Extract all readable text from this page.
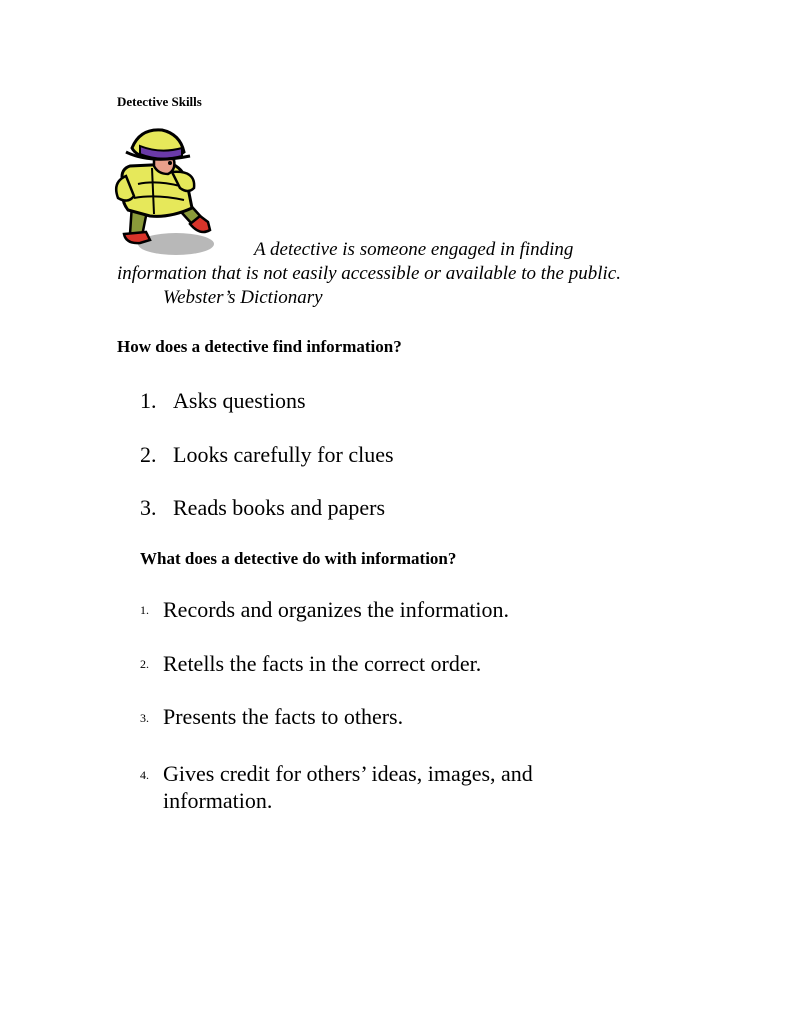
Detective Skills
A detective is someone engaged in finding
information that is not easily accessible or available to the public.
Webster’s Dictionary
How does a detective find information?
1. Asks questions
2. Looks carefully for clues
3. Reads books and papers
What does a detective do with information?
1. Records and organizes the information.
2. Retells the facts in the correct order.
3. Presents the facts to others.
4. Gives credit for others’ ideas, images, and information.
